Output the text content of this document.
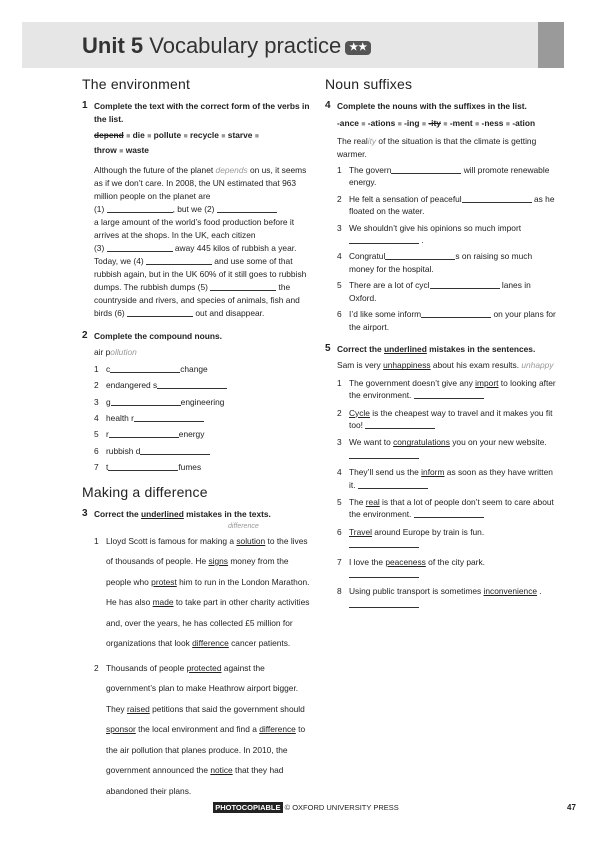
Unit 5 Vocabulary practice ★★
The environment
1 Complete the text with the correct form of the verbs in the list.
depend ■ die ■ pollute ■ recycle ■ starve ■
throw ■ waste
Although the future of the planet depends on us, it seems as if we don’t care. In 2008, the UN estimated that 963 million people on the planet are
(1)	, but we (2)
a large amount of the world’s food production before it arrives at the shops. In the UK, each citizen
(3)	away 445 kilos of rubbish a year. Today, we (4)	and use some of that rubbish again, but in the UK 60% of it still goes to rubbish dumps. The rubbish dumps (5)	the countryside and rivers, and species of animals, fish and birds (6)	out and disappear.
2 Complete the compound nouns.
air pollution
1 c	change
2 endangered s
3 g	engineering
4 health r
5 r	energy
6 rubbish d
7 t	fumes
Making a difference
3 Correct the underlined mistakes in the texts.
difference
1 Lloyd Scott is famous for making a solution to the lives of thousands of people. He signs money from the people who protest him to run in the London Marathon. He has also made to take part in other charity activities and, over the years, he has collected £5 million for organizations that look difference cancer patients.
2 Thousands of people protected against the government’s plan to make Heathrow airport bigger. They raised petitions that said the government should sponsor the local environment and find a difference to the air pollution that planes produce. In 2010, the government announced the notice that they had abandoned their plans.
Noun suffixes
4 Complete the nouns with the suffixes in the list.
-ance ■ -ations ■ -ing ■ -ity ■ -ment ■ -ness ■ -ation
The reality of the situation is that the climate is getting warmer.
1 The govern	will promote renewable energy.
2 He felt a sensation of peaceful	as he floated on the water.
3 We shouldn’t give his opinions so much import .
4 Congratul	s on raising so much money for the hospital.
5 There are a lot of cycl	lanes in Oxford.
6 I’d like some inform	on your plans for the airport.
5 Correct the underlined mistakes in the sentences.
Sam is very unhappiness about his exam results. unhappy
1 The government doesn’t give any import to looking after the environment.
2 Cycle is the cheapest way to travel and it makes you fit too!
3 We want to congratulations you on your new website.

4 They’ll send us the inform as soon as they have written it.
5 The real is that a lot of people don’t seem to care about the environment.
6 Travel around Europe by train is fun.

7 I love the peaceness of the city park.

8 Using public transport is sometimes inconvenience .

PHOTOCOPIABLE © OXFORD UNIVERSITY PRESS	47
